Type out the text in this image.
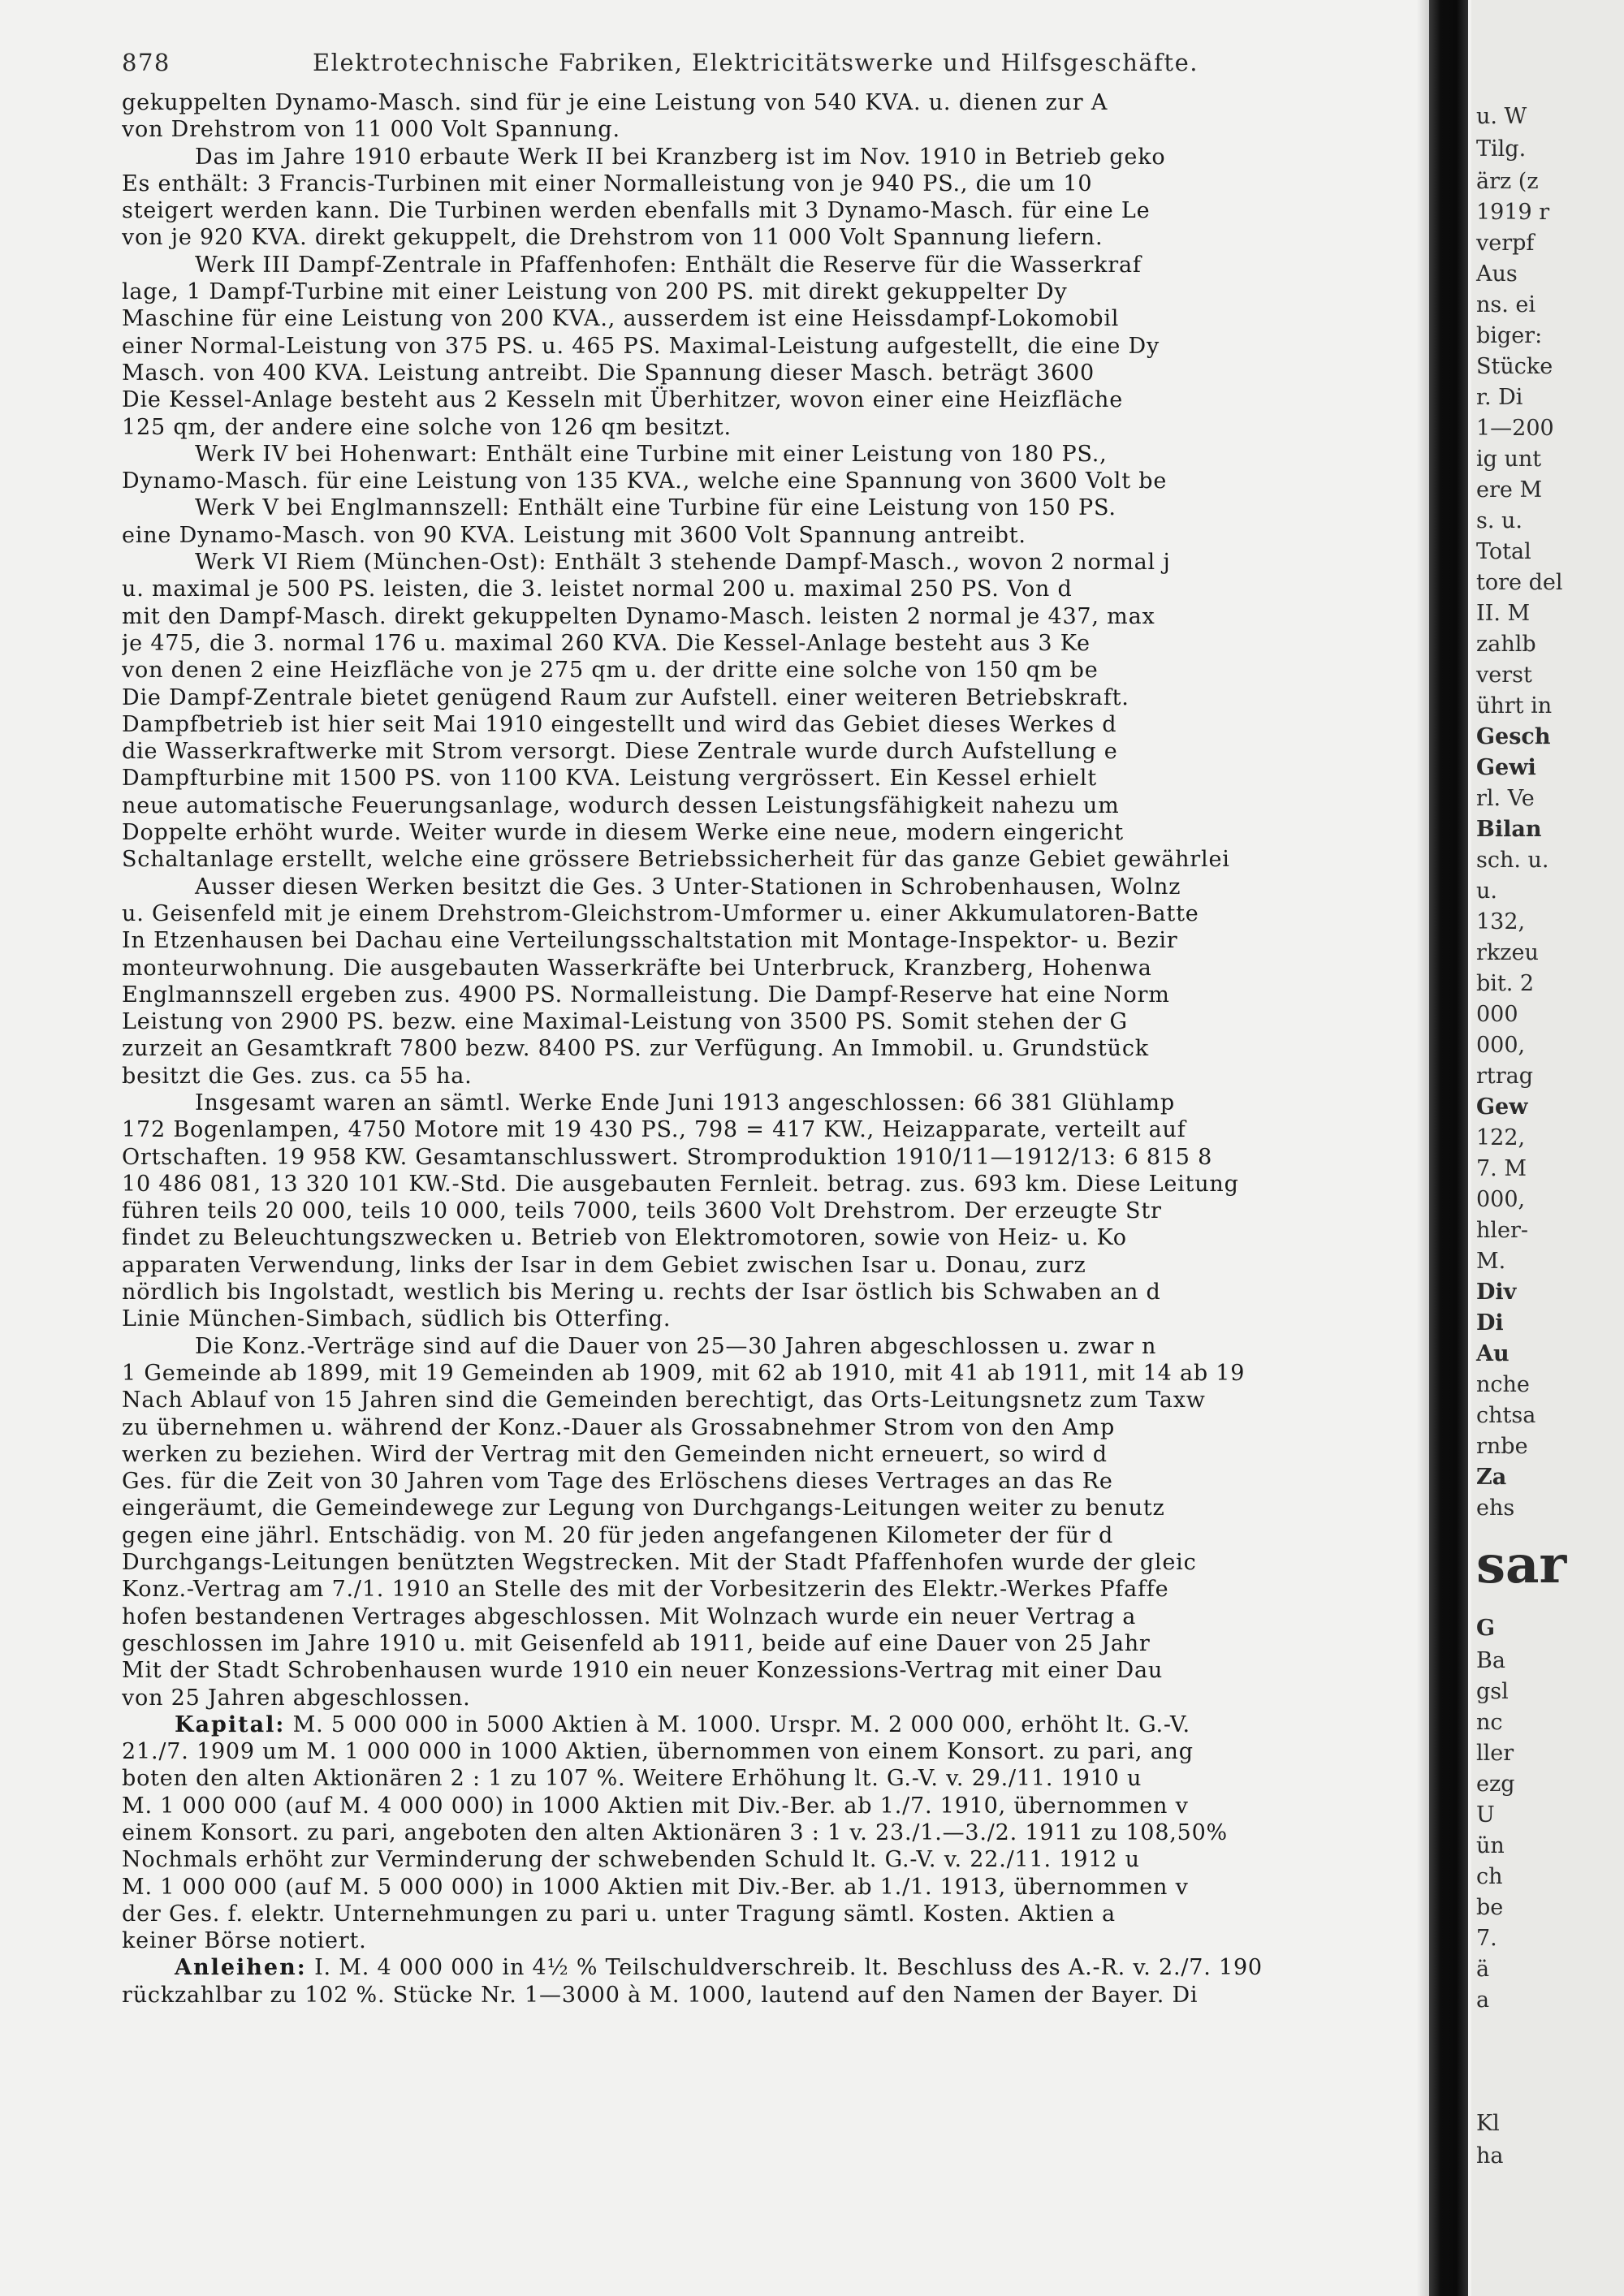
878	Elektrotechnische Fabriken, Elektricitätswerke und Hilfsgeschäfte.
gekuppelten Dynamo-Masch. sind für je eine Leistung von 540 KVA. u. dienen zur A
von Drehstrom von 11 000 Volt Spannung.
Das im Jahre 1910 erbaute Werk II bei Kranzberg ist im Nov. 1910 in Betrieb geko
Es enthält: 3 Francis-Turbinen mit einer Normalleistung von je 940 PS., die um 10
steigert werden kann. Die Turbinen werden ebenfalls mit 3 Dynamo-Masch. für eine Le
von je 920 KVA. direkt gekuppelt, die Drehstrom von 11 000 Volt Spannung liefern.
Werk III Dampf-Zentrale in Pfaffenhofen: Enthält die Reserve für die Wasserkraf
lage, 1 Dampf-Turbine mit einer Leistung von 200 PS. mit direkt gekuppelter Dy
Maschine für eine Leistung von 200 KVA., ausserdem ist eine Heissdampf-Lokomobil
einer Normal-Leistung von 375 PS. u. 465 PS. Maximal-Leistung aufgestellt, die eine Dy
Masch. von 400 KVA. Leistung antreibt. Die Spannung dieser Masch. beträgt 3600
Die Kessel-Anlage besteht aus 2 Kesseln mit Überhitzer, wovon einer eine Heizfläche
125 qm, der andere eine solche von 126 qm besitzt.
Werk IV bei Hohenwart: Enthält eine Turbine mit einer Leistung von 180 PS.,
Dynamo-Masch. für eine Leistung von 135 KVA., welche eine Spannung von 3600 Volt be
Werk V bei Englmannszell: Enthält eine Turbine für eine Leistung von 150 PS.
eine Dynamo-Masch. von 90 KVA. Leistung mit 3600 Volt Spannung antreibt.
Werk VI Riem (München-Ost): Enthält 3 stehende Dampf-Masch., wovon 2 normal j
u. maximal je 500 PS. leisten, die 3. leistet normal 200 u. maximal 250 PS. Von d
mit den Dampf-Masch. direkt gekuppelten Dynamo-Masch. leisten 2 normal je 437, max
je 475, die 3. normal 176 u. maximal 260 KVA. Die Kessel-Anlage besteht aus 3 Ke
von denen 2 eine Heizfläche von je 275 qm u. der dritte eine solche von 150 qm be
Die Dampf-Zentrale bietet genügend Raum zur Aufstell. einer weiteren Betriebskraft.
Dampfbetrieb ist hier seit Mai 1910 eingestellt und wird das Gebiet dieses Werkes d
die Wasserkraftwerke mit Strom versorgt. Diese Zentrale wurde durch Aufstellung e
Dampfturbine mit 1500 PS. von 1100 KVA. Leistung vergrössert. Ein Kessel erhielt
neue automatische Feuerungsanlage, wodurch dessen Leistungsfähigkeit nahezu um
Doppelte erhöht wurde. Weiter wurde in diesem Werke eine neue, modern eingericht
Schaltanlage erstellt, welche eine grössere Betriebssicherheit für das ganze Gebiet gewährlei
Ausser diesen Werken besitzt die Ges. 3 Unter-Stationen in Schrobenhausen, Wolnz
u. Geisenfeld mit je einem Drehstrom-Gleichstrom-Umformer u. einer Akkumulatoren-Batte
In Etzenhausen bei Dachau eine Verteilungsschaltstation mit Montage-Inspektor- u. Bezir
monteurwohnung. Die ausgebauten Wasserkräfte bei Unterbruck, Kranzberg, Hohenwa
Englmannszell ergeben zus. 4900 PS. Normalleistung. Die Dampf-Reserve hat eine Norm
Leistung von 2900 PS. bezw. eine Maximal-Leistung von 3500 PS. Somit stehen der G
zurzeit an Gesamtkraft 7800 bezw. 8400 PS. zur Verfügung. An Immobil. u. Grundstück
besitzt die Ges. zus. ca 55 ha.
Insgesamt waren an sämtl. Werke Ende Juni 1913 angeschlossen: 66 381 Glühlamp
172 Bogenlampen, 4750 Motore mit 19 430 PS., 798 = 417 KW., Heizapparate, verteilt auf
Ortschaften. 19 958 KW. Gesamtanschlusswert. Stromproduktion 1910/11—1912/13: 6 815 8
10 486 081, 13 320 101 KW.-Std. Die ausgebauten Fernleit. betrag. zus. 693 km. Diese Leitung
führen teils 20 000, teils 10 000, teils 7000, teils 3600 Volt Drehstrom. Der erzeugte Str
findet zu Beleuchtungszwecken u. Betrieb von Elektromotoren, sowie von Heiz- u. Ko
apparaten Verwendung, links der Isar in dem Gebiet zwischen Isar u. Donau, zurz
nördlich bis Ingolstadt, westlich bis Mering u. rechts der Isar östlich bis Schwaben an d
Linie München-Simbach, südlich bis Otterfing.
Die Konz.-Verträge sind auf die Dauer von 25—30 Jahren abgeschlossen u. zwar n
1 Gemeinde ab 1899, mit 19 Gemeinden ab 1909, mit 62 ab 1910, mit 41 ab 1911, mit 14 ab 19
Nach Ablauf von 15 Jahren sind die Gemeinden berechtigt, das Orts-Leitungsnetz zum Taxw
zu übernehmen u. während der Konz.-Dauer als Grossabnehmer Strom von den Amp
werken zu beziehen. Wird der Vertrag mit den Gemeinden nicht erneuert, so wird d
Ges. für die Zeit von 30 Jahren vom Tage des Erlöschens dieses Vertrages an das Re
eingeräumt, die Gemeindewege zur Legung von Durchgangs-Leitungen weiter zu benutz
gegen eine jährl. Entschädig. von M. 20 für jeden angefangenen Kilometer der für d
Durchgangs-Leitungen benützten Wegstrecken. Mit der Stadt Pfaffenhofen wurde der gleic
Konz.-Vertrag am 7./1. 1910 an Stelle des mit der Vorbesitzerin des Elektr.-Werkes Pfaffe
hofen bestandenen Vertrages abgeschlossen. Mit Wolnzach wurde ein neuer Vertrag a
geschlossen im Jahre 1910 u. mit Geisenfeld ab 1911, beide auf eine Dauer von 25 Jahr
Mit der Stadt Schrobenhausen wurde 1910 ein neuer Konzessions-Vertrag mit einer Dau
von 25 Jahren abgeschlossen.
Kapital: M. 5 000 000 in 5000 Aktien à M. 1000. Urspr. M. 2 000 000, erhöht lt. G.-V.
21./7. 1909 um M. 1 000 000 in 1000 Aktien, übernommen von einem Konsort. zu pari, ang
boten den alten Aktionären 2 : 1 zu 107 %. Weitere Erhöhung lt. G.-V. v. 29./11. 1910 u
M. 1 000 000 (auf M. 4 000 000) in 1000 Aktien mit Div.-Ber. ab 1./7. 1910, übernommen v
einem Konsort. zu pari, angeboten den alten Aktionären 3 : 1 v. 23./1.—3./2. 1911 zu 108,50%
Nochmals erhöht zur Verminderung der schwebenden Schuld lt. G.-V. v. 22./11. 1912 u
M. 1 000 000 (auf M. 5 000 000) in 1000 Aktien mit Div.-Ber. ab 1./1. 1913, übernommen v
der Ges. f. elektr. Unternehmungen zu pari u. unter Tragung sämtl. Kosten. Aktien a
keiner Börse notiert.
Anleihen: I. M. 4 000 000 in 4½ % Teilschuldverschreib. lt. Beschluss des A.-R. v. 2./7. 190
rückzahlbar zu 102 %. Stücke Nr. 1—3000 à M. 1000, lautend auf den Namen der Bayer. Di
u. W
Tilg.
ärz (z
1919 r
verpf
Aus
ns. ei
biger:
Stücke
r. Di
1—200
ig unt
ere M
s. u.
Total
tore del
II. M
zahlb
verst
ührt in
Gesch
Gewi
rl. Ve
Bilan
sch. u.
u.
132,
rkzeu
bit. 2
000
000,
rtrag
Gew
122,
7. M
000,
hler-
M.
Div
Di
Au
nche
chtsa
rnbe
Za
ehs
sar
G
Ba
gsl
nc
ller
ezg
U
ün
ch
be
7.
ä
a
Kl
ha
